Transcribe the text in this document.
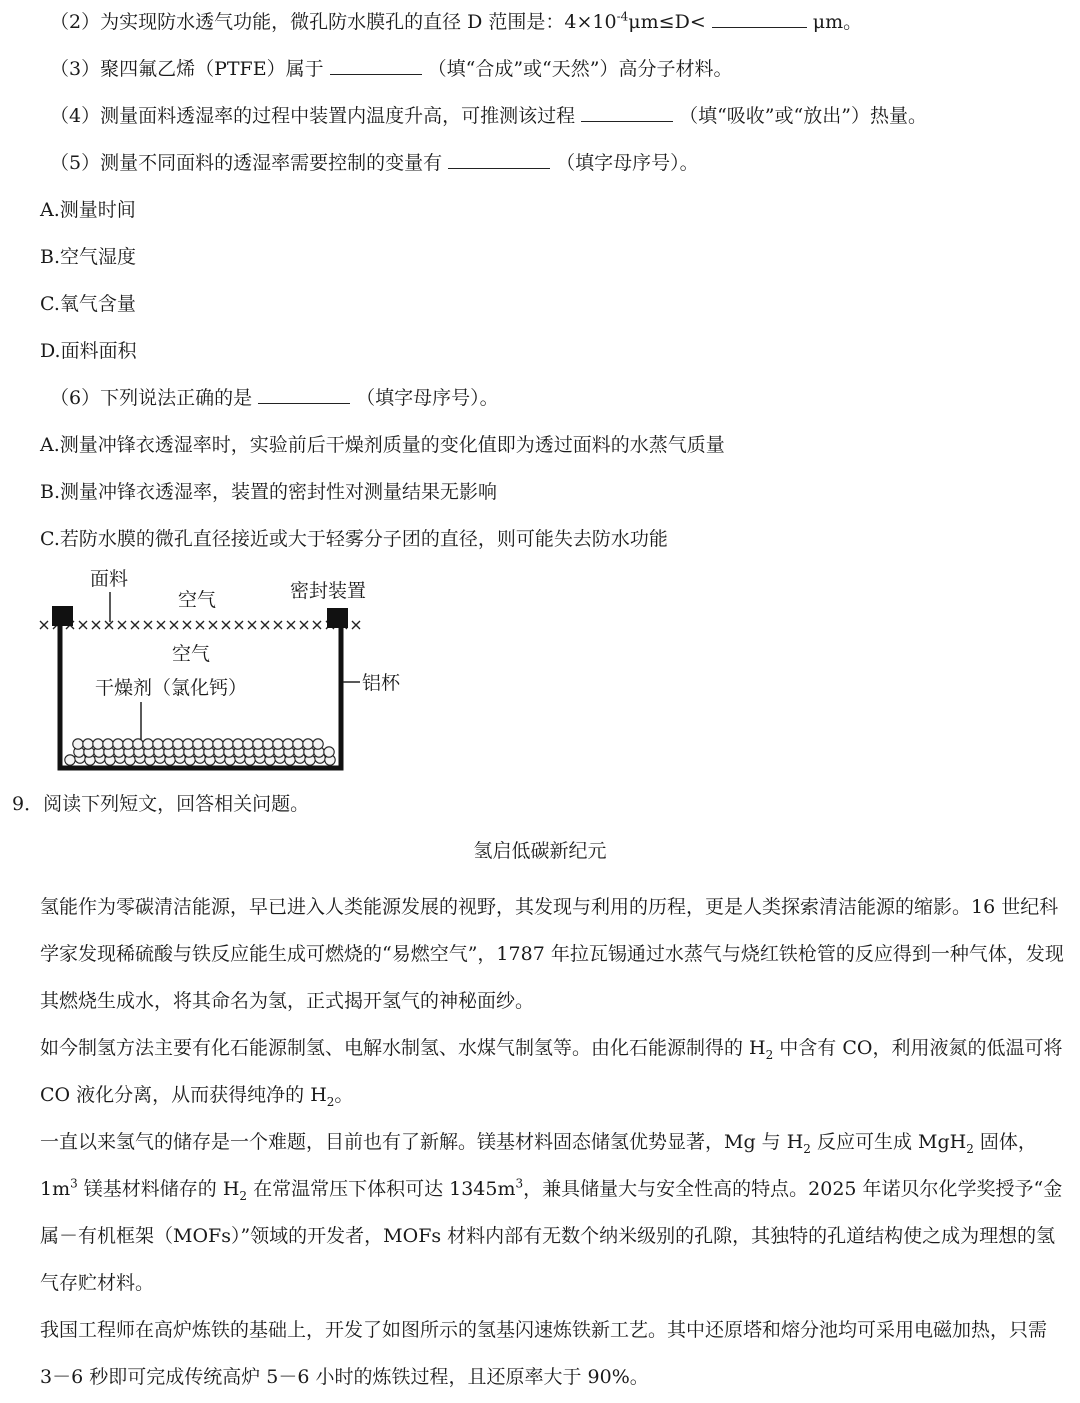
（2）为实现防水透气功能，微孔防水膜孔的直径 D 范围是：$4\times 10^{-4}\mu m\le D<$	μm。
（3）聚四氟乙烯（PTFE）属于	（填“合成”或“天然”）高分子材料。
（4）测量面料透湿率的过程中装置内温度升高，可推测该过程	（填“吸收”或“放出”）热量。
（5）测量不同面料的透湿率需要控制的变量有	（填字母序号）。
A.测量时间
B.空气湿度
C.氧气含量
D.面料面积
（6）下列说法正确的是	（填字母序号）。
A.测量冲锋衣透湿率时，实验前后干燥剂质量的变化值即为透过面料的水蒸气质量
B.测量冲锋衣透湿率，装置的密封性对测量结果无影响
C.若防水膜的微孔直径接近或大于轻雾分子团的直径，则可能失去防水功能
面料
空气	密封装置
空气
干燥剂（氯化钙）	铝杯
9．阅读下列短文，回答相关问题。
氢启低碳新纪元
氢能作为零碳清洁能源，早已进入人类能源发展的视野，其发现与利用的历程，更是人类探索清洁能源的缩影。16 世纪科学家发现稀硫酸与铁反应能生成可燃烧的“易燃空气”，1787 年拉瓦锡通过水蒸气与烧红铁枪管的反应得到一种气体，发现其燃烧生成水，将其命名为氢，正式揭开氢气的神秘面纱。
如今制氢方法主要有化石能源制氢、电解水制氢、水煤气制氢等。由化石能源制得的 $H_2$ 中含有 CO，利用液氮的低温可将 CO 液化分离，从而获得纯净的 $H_2$。
一直以来氢气的储存是一个难题，目前也有了新解。镁基材料固态储氢优势显著，Mg 与 $H_2$ 反应可生成 MgH$_2$ 固体，$1m^3$ 镁基材料储存的 $H_2$ 在常温常压下体积可达 $1345m^3$，兼具储量大与安全性高的特点。2025 年诺贝尔化学奖授予“金属－有机框架（MOFs）”领域的开发者，MOFs 材料内部有无数个纳米级别的孔隙，其独特的孔道结构使之成为理想的氢气存贮材料。
我国工程师在高炉炼铁的基础上，开发了如图所示的氢基闪速炼铁新工艺。其中还原塔和熔分池均可采用电磁加热，只需 3－6 秒即可完成传统高炉 5－6 小时的炼铁过程，且还原率大于 90%。
